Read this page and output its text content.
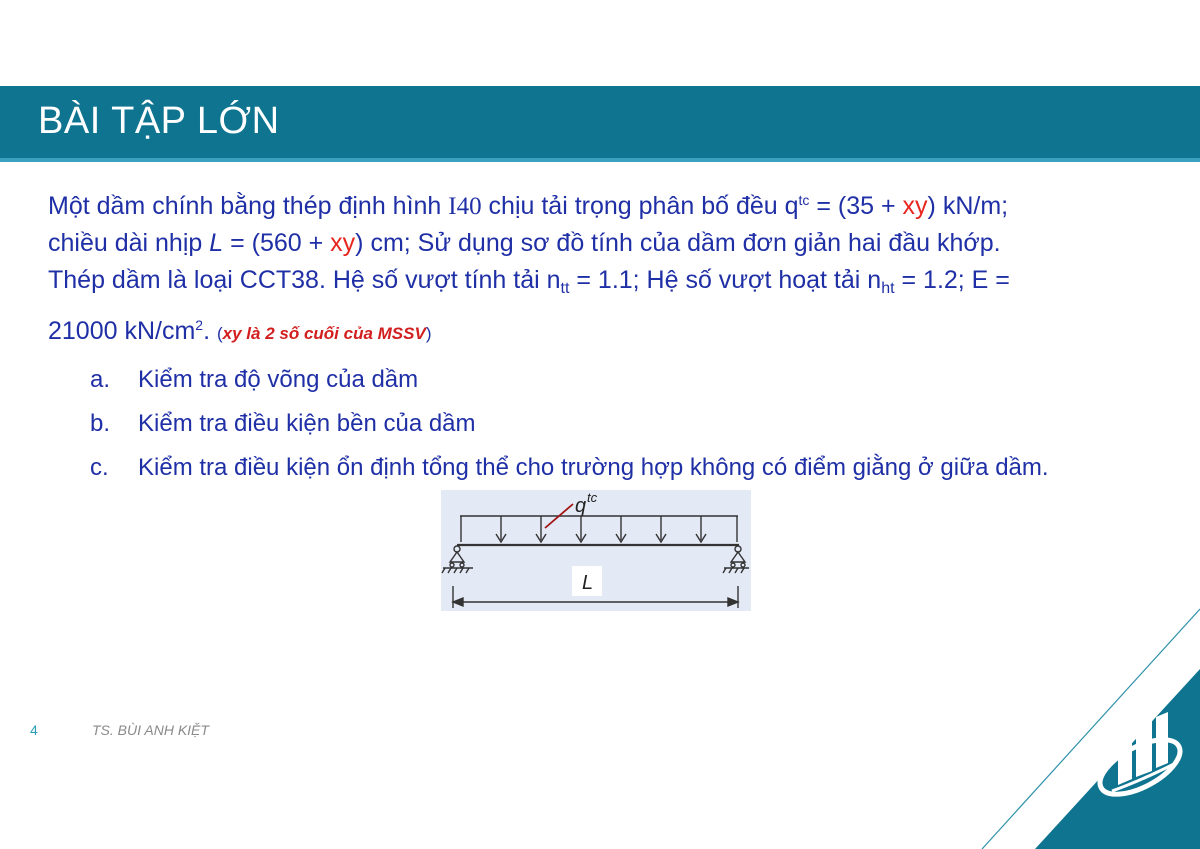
BÀI TẬP LỚN
Một dầm chính bằng thép định hình I40 chịu tải trọng phân bố đều $q^{tc} = (35 + xy)$ kN/m;
chiều dài nhịp L = (560 + xy) cm; Sử dụng sơ đồ tính của dầm đơn giản hai đầu khớp.
Thép dầm là loại CCT38. Hệ số vượt tính tải $n_{tt} = 1.1$; Hệ số vượt hoạt tải $n_{ht} = 1.2$; E =
21000 $kN/cm^2$. (xy là 2 số cuối của MSSV)
a. Kiểm tra độ võng của dầm
b. Kiểm tra điều kiện bền của dầm
c. Kiểm tra điều kiện ổn định tổng thể cho trường hợp không có điểm giằng ở giữa dầm.
q tc
L
4	TS. BÙI ANH KIỆT
